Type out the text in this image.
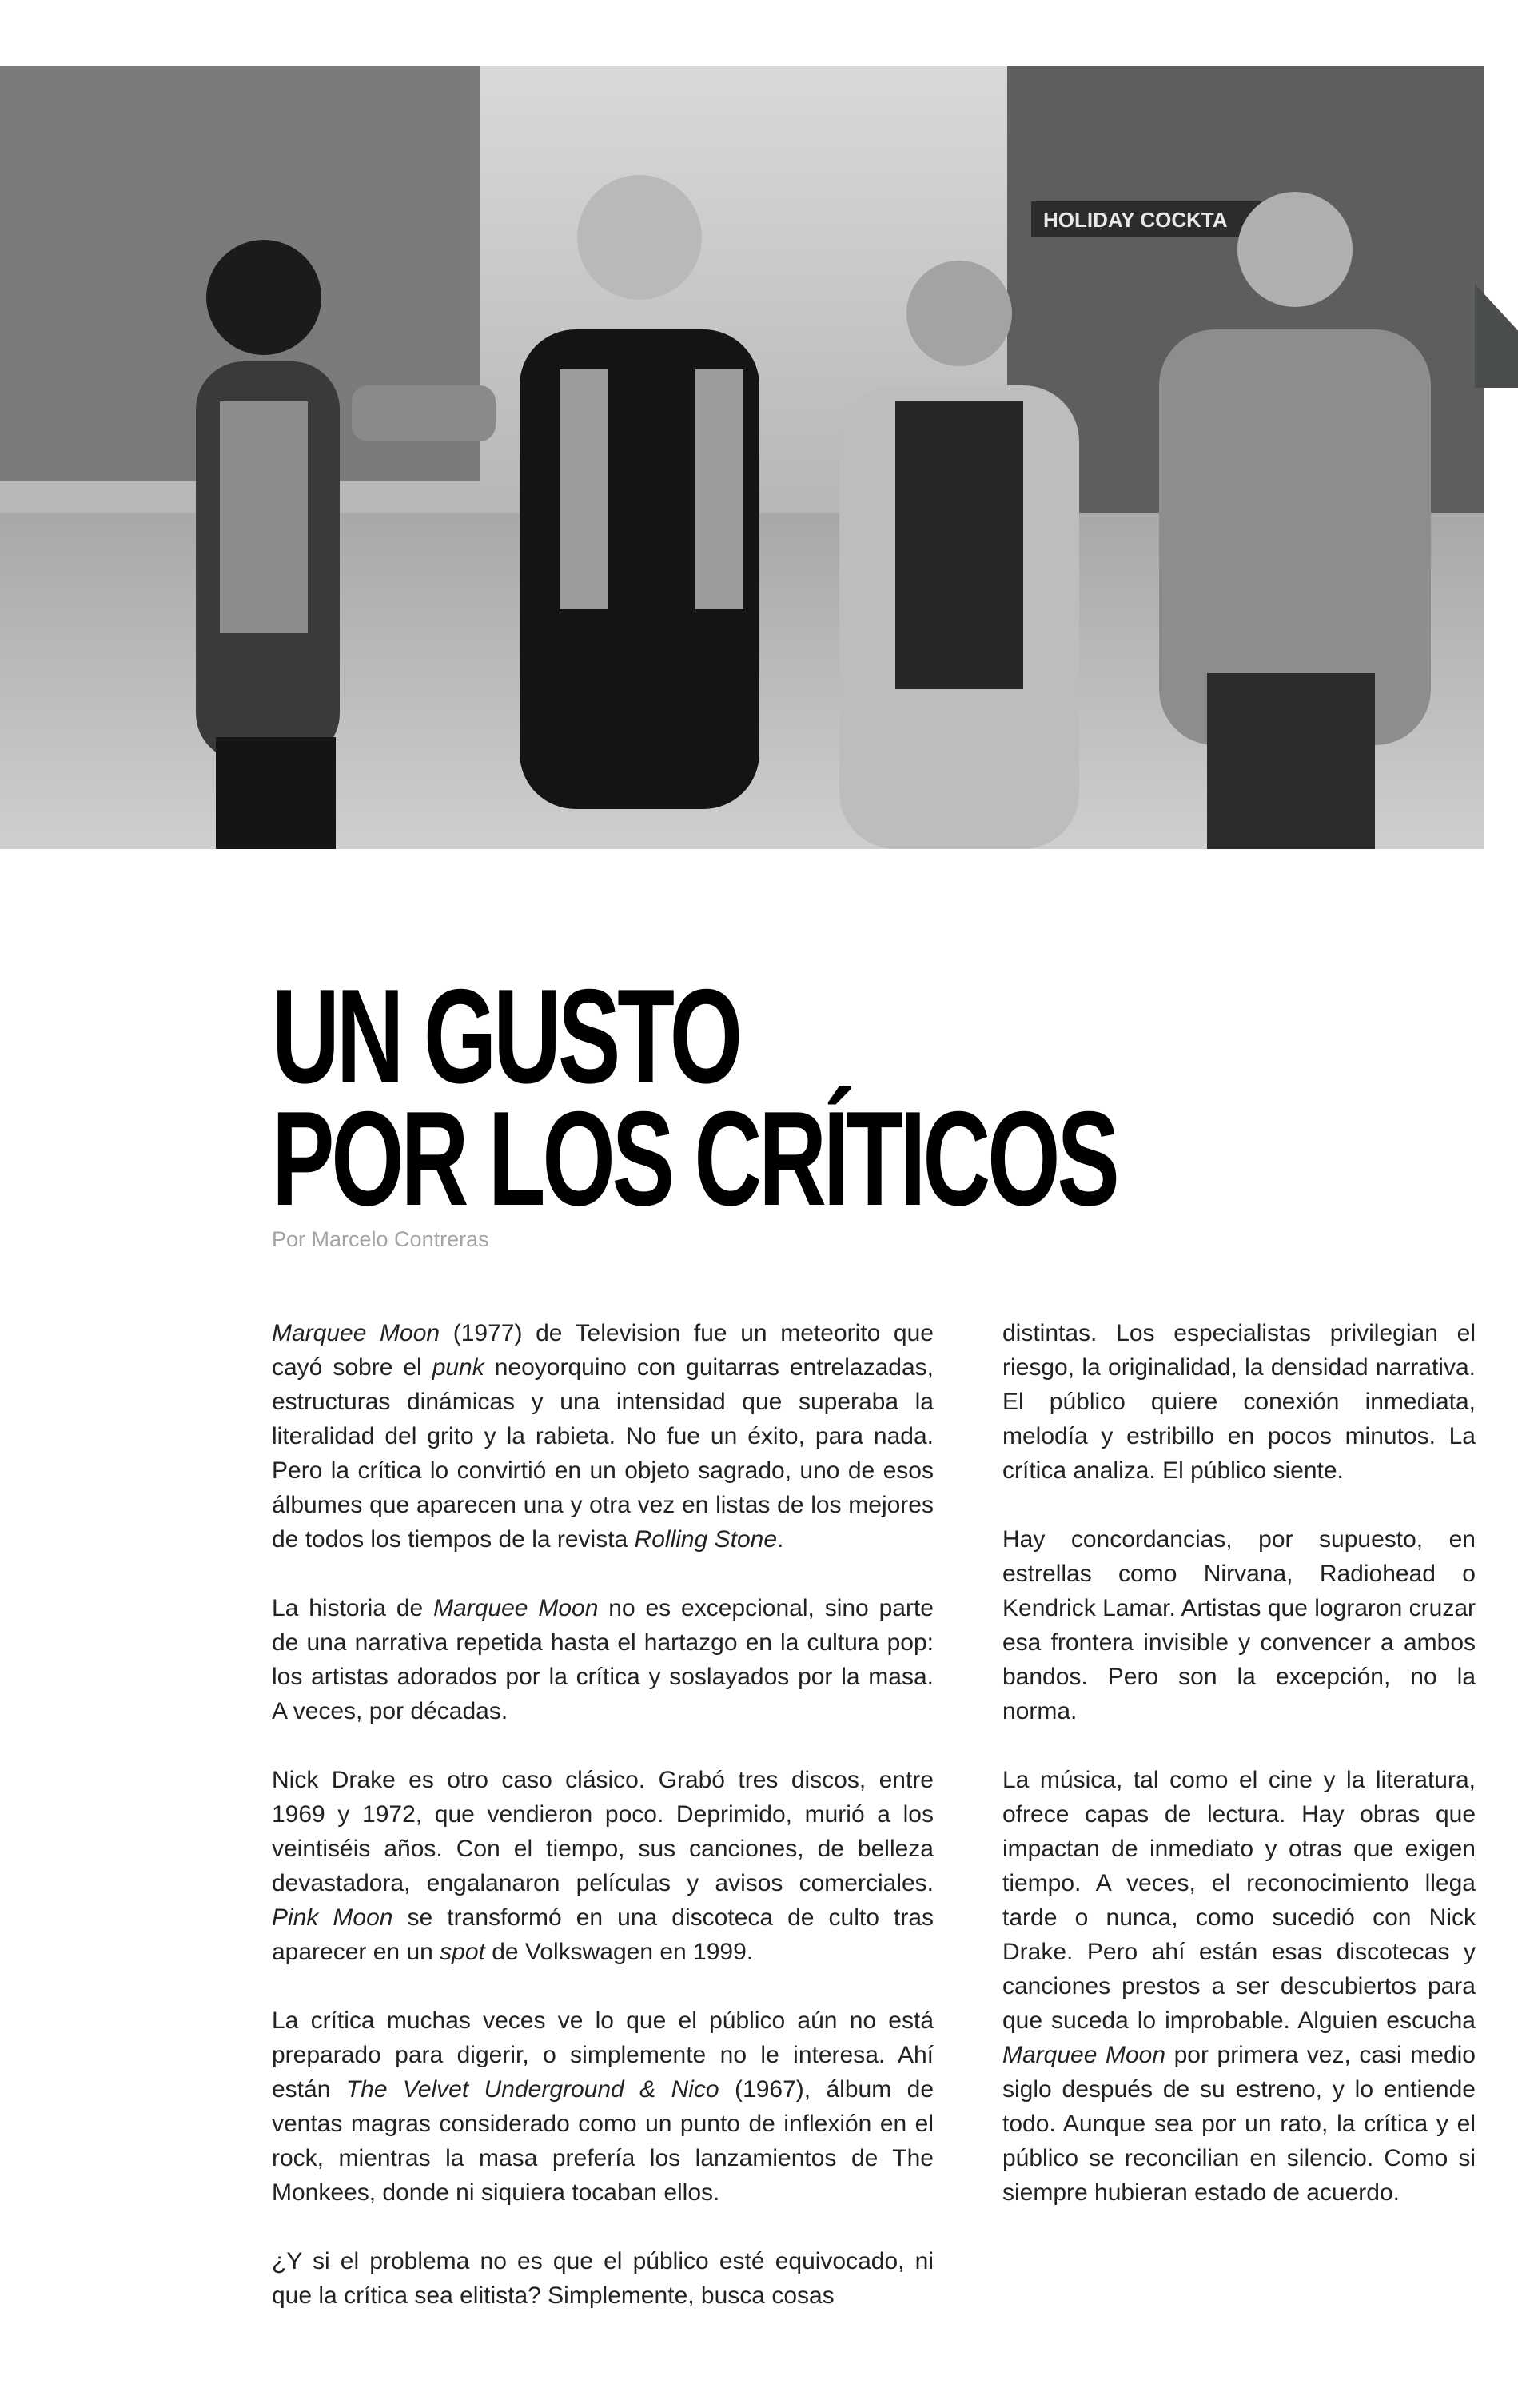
HOLIDAY COCKTA
UN GUSTO
POR LOS CRÍTICOS
Por Marcelo Contreras

Marquee Moon (1977) de Television fue un meteorito que cayó sobre el punk neoyorquino con guitarras entrelazadas, estructuras dinámicas y una intensidad que superaba la literalidad del grito y la rabieta. No fue un éxito, para nada. Pero la crítica lo convirtió en un objeto sagrado, uno de esos álbumes que aparecen una y otra vez en listas de los mejores de todos los tiempos de la revista Rolling Stone.

La historia de Marquee Moon no es excepcional, sino parte de una narrativa repetida hasta el hartazgo en la cultura pop: los artistas adorados por la crítica y soslayados por la masa. A veces, por décadas.

Nick Drake es otro caso clásico. Grabó tres discos, entre 1969 y 1972, que vendieron poco. Deprimido, murió a los veintiséis años. Con el tiempo, sus canciones, de belleza devastadora, engalanaron películas y avisos comerciales. Pink Moon se transformó en una discoteca de culto tras aparecer en un spot de Volkswagen en 1999.

La crítica muchas veces ve lo que el público aún no está preparado para digerir, o simplemente no le interesa. Ahí están The Velvet Underground & Nico (1967), álbum de ventas magras considerado como un punto de inflexión en el rock, mientras la masa prefería los lanzamientos de The Monkees, donde ni siquiera tocaban ellos.

¿Y si el problema no es que el público esté equivocado, ni que la crítica sea elitista? Simplemente, busca cosas

distintas. Los especialistas privilegian el riesgo, la originalidad, la densidad narrativa. El público quiere conexión inmediata, melodía y estribillo en pocos minutos. La crítica analiza. El público siente.

Hay concordancias, por supuesto, en estrellas como Nirvana, Radiohead o Kendrick Lamar. Artistas que lograron cruzar esa frontera invisible y convencer a ambos bandos. Pero son la excepción, no la norma.

La música, tal como el cine y la literatura, ofrece capas de lectura. Hay obras que impactan de inmediato y otras que exigen tiempo. A veces, el reconocimiento llega tarde o nunca, como sucedió con Nick Drake. Pero ahí están esas discotecas y canciones prestos a ser descubiertos para que suceda lo improbable. Alguien escucha Marquee Moon por primera vez, casi medio siglo después de su estreno, y lo entiende todo. Aunque sea por un rato, la crítica y el público se reconcilian en silencio. Como si siempre hubieran estado de acuerdo.
